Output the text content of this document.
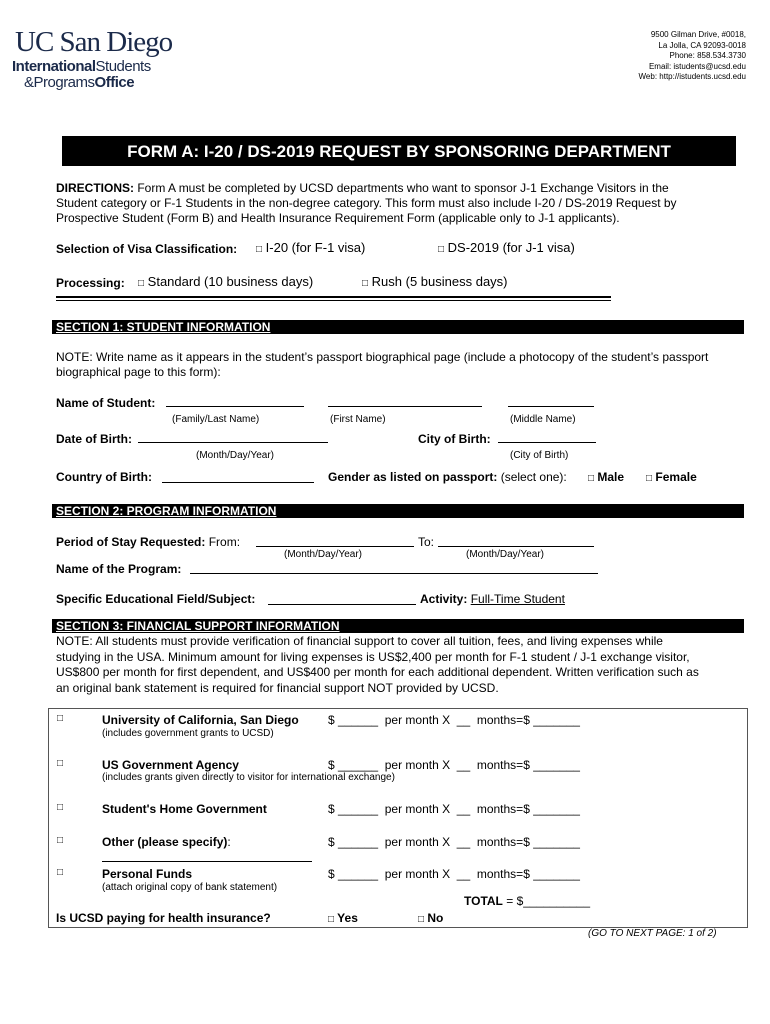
UC San Diego
InternationalStudents
&ProgramsOffice
9500 Gilman Drive, #0018,
La Jolla, CA 92093-0018
Phone: 858.534.3730
Email: istudents@ucsd.edu
Web: http://istudents.ucsd.edu
FORM A: I-20 / DS-2019 REQUEST BY SPONSORING DEPARTMENT
DIRECTIONS: Form A must be completed by UCSD departments who want to sponsor J-1 Exchange Visitors in the
Student category or F-1 Students in the non-degree category. This form must also include I-20 / DS-2019 Request by
Prospective Student (Form B) and Health Insurance Requirement Form (applicable only to J-1 applicants).
Selection of Visa Classification: □ I-20 (for F-1 visa)	□ DS-2019 (for J-1 visa)
Processing: □ Standard (10 business days)	□ Rush (5 business days)
SECTION 1: STUDENT INFORMATION
NOTE: Write name as it appears in the student’s passport biographical page (include a photocopy of the student’s passport
biographical page to this form):
Name of Student:
(Family/Last Name)	(First Name)	(Middle Name)
Date of Birth:
(Month/Day/Year)
City of Birth:
(City of Birth)
Country of Birth:	Gender as listed on passport: (select one): □ Male □ Female
SECTION 2: PROGRAM INFORMATION
Period of Stay Requested: From:	To:
(Month/Day/Year)	(Month/Day/Year)
Name of the Program:
Specific Educational Field/Subject:	Activity: Full-Time Student
SECTION 3: FINANCIAL SUPPORT INFORMATION
NOTE: All students must provide verification of financial support to cover all tuition, fees, and living expenses while
studying in the USA. Minimum amount for living expenses is US$2,400 per month for F-1 student / J-1 exchange visitor,
US$800 per month for first dependent, and US$400 per month for each additional dependent. Written verification such as
an original bank statement is required for financial support NOT provided by UCSD.
□	University of California, San Diego
(includes government grants to UCSD)
$ ______ per month X __ months=$ _______
□	US Government Agency
(includes grants given directly to visitor for international exchange)
$ ______ per month X __ months=$ _______
□	Student's Home Government	$ ______ per month X __ months=$ _______
□	Other (please specify):	$ ______ per month X __ months=$ _______
□	Personal Funds
(attach original copy of bank statement)
$ ______ per month X __ months=$ _______
TOTAL = $__________
Is UCSD paying for health insurance?	□ Yes	□ No
(GO TO NEXT PAGE: 1 of 2)
